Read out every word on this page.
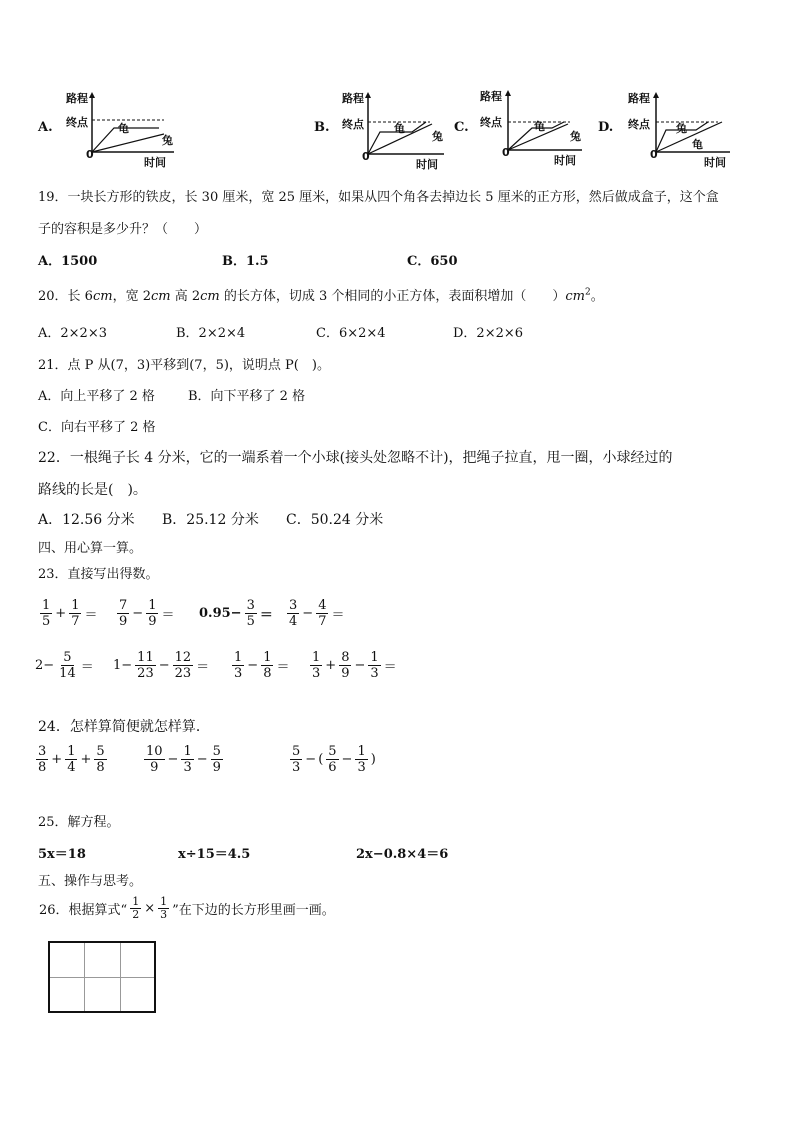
A.
路程
终点	龟
兔
0
时间
B.
路程
终点	龟
兔
0
时间
C.
路程
终点	龟
兔
0
时间
D.
路程
终点 兔
龟
0
时间
19．一块长方形的铁皮，长 30 厘米，宽 25 厘米，如果从四个角各去掉边长 5 厘米的正方形，然后做成盒子，这个盒
子的容积是多少升？（　　）
A．1500	B．1.5	C．650
20．长 6cm，宽 2cm 高 2cm 的长方体，切成 3 个相同的小正方体，表面积增加（　　）$cm^2$。
A．2×2×3	B．2×2×4	C．6×2×4	D．2×2×6
21．点 P 从(7，3)平移到(7，5)，说明点 P(　)。
A．向上平移了 2 格	B．向下平移了 2 格
C．向右平移了 2 格
22．一根绳子长 4 分米，它的一端系着一个小球(接头处忽略不计)，把绳子拉直，甩一圈，小球经过的
路线的长是(　)。
A．12.56 分米 B．25.12 分米 C．50.24 分米
四、用心算一算。
23．直接写出得数。
$\frac{1}{5} + \frac{1}{7} = \frac{7}{9} - \frac{1}{9} = 0.95- \frac{3}{5} = \frac{3}{4} - \frac{4}{7}$ ＝
$2- \frac{5}{14} = 1- \frac{11}{23} - \frac{12}{23} = \frac{1}{3} - \frac{1}{8} = \frac{1}{3} + \frac{8}{9} - \frac{1}{3}$ ＝
24．怎样算简便就怎样算．
$\frac{3}{8} + \frac{1}{4} + \frac{5}{8}$	$\frac{10}{9} - \frac{1}{3} - \frac{5}{9}$	$\frac{5}{3}$ − ( $\frac{5}{6} - \frac{1}{3}$ )
25．解方程。
5x＝18	x÷15＝4.5	2x−0.8×4＝6
五、操作与思考。
26．根据算式“ $\frac{1}{2} \times \frac{1}{3}$ ”在下边的长方形里画一画。
